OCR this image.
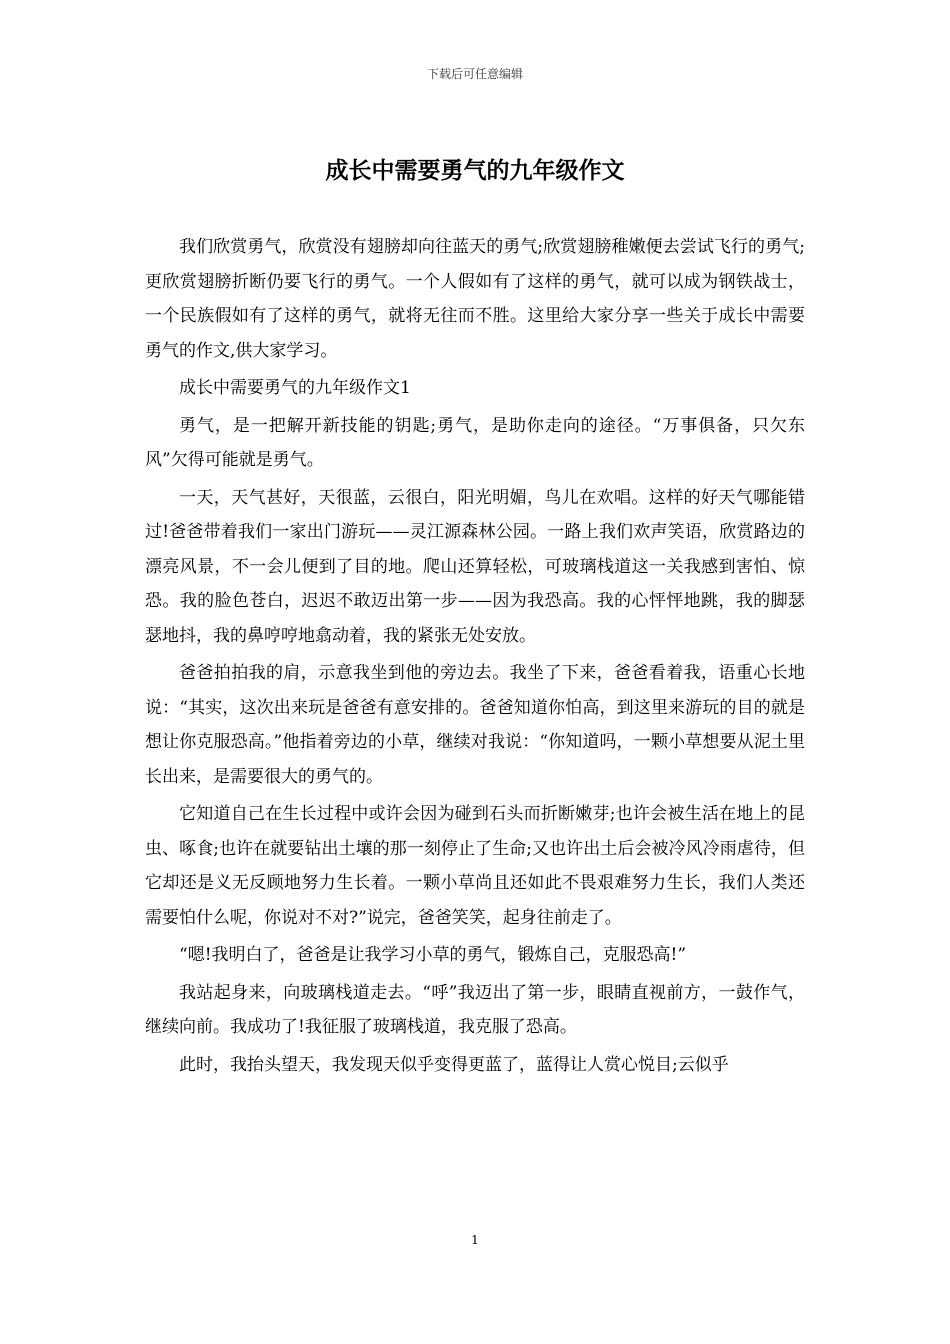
下载后可任意编辑
成长中需要勇气的九年级作文

我们欣赏勇气，欣赏没有翅膀却向往蓝天的勇气;欣赏翅膀稚嫩便去尝试飞行的勇气;更欣赏翅膀折断仍要飞行的勇气。一个人假如有了这样的勇气，就可以成为钢铁战士，一个民族假如有了这样的勇气，就将无往而不胜。这里给大家分享一些关于成长中需要勇气的作文,供大家学习。

成长中需要勇气的九年级作文1

勇气，是一把解开新技能的钥匙;勇气，是助你走向的途径。“万事俱备，只欠东风”欠得可能就是勇气。

一天，天气甚好，天很蓝，云很白，阳光明媚，鸟儿在欢唱。这样的好天气哪能错过!爸爸带着我们一家出门游玩——灵江源森林公园。一路上我们欢声笑语，欣赏路边的漂亮风景，不一会儿便到了目的地。爬山还算轻松，可玻璃栈道这一关我感到害怕、惊恐。我的脸色苍白，迟迟不敢迈出第一步——因为我恐高。我的心怦怦地跳，我的脚瑟瑟地抖，我的鼻哼哼地翕动着，我的紧张无处安放。

爸爸拍拍我的肩，示意我坐到他的旁边去。我坐了下来，爸爸看着我，语重心长地说：“其实，这次出来玩是爸爸有意安排的。爸爸知道你怕高，到这里来游玩的目的就是想让你克服恐高。”他指着旁边的小草，继续对我说：“你知道吗，一颗小草想要从泥土里长出来，是需要很大的勇气的。

它知道自己在生长过程中或许会因为碰到石头而折断嫩芽;也许会被生活在地上的昆虫、啄食;也许在就要钻出土壤的那一刻停止了生命;又也许出土后会被冷风冷雨虐待，但它却还是义无反顾地努力生长着。一颗小草尚且还如此不畏艰难努力生长，我们人类还需要怕什么呢，你说对不对?”说完，爸爸笑笑，起身往前走了。

“嗯!我明白了，爸爸是让我学习小草的勇气，锻炼自己，克服恐高!”

我站起身来，向玻璃栈道走去。“呼”我迈出了第一步，眼睛直视前方，一鼓作气，继续向前。我成功了!我征服了玻璃栈道，我克服了恐高。

此时，我抬头望天，我发现天似乎变得更蓝了，蓝得让人赏心悦目;云似乎

1
